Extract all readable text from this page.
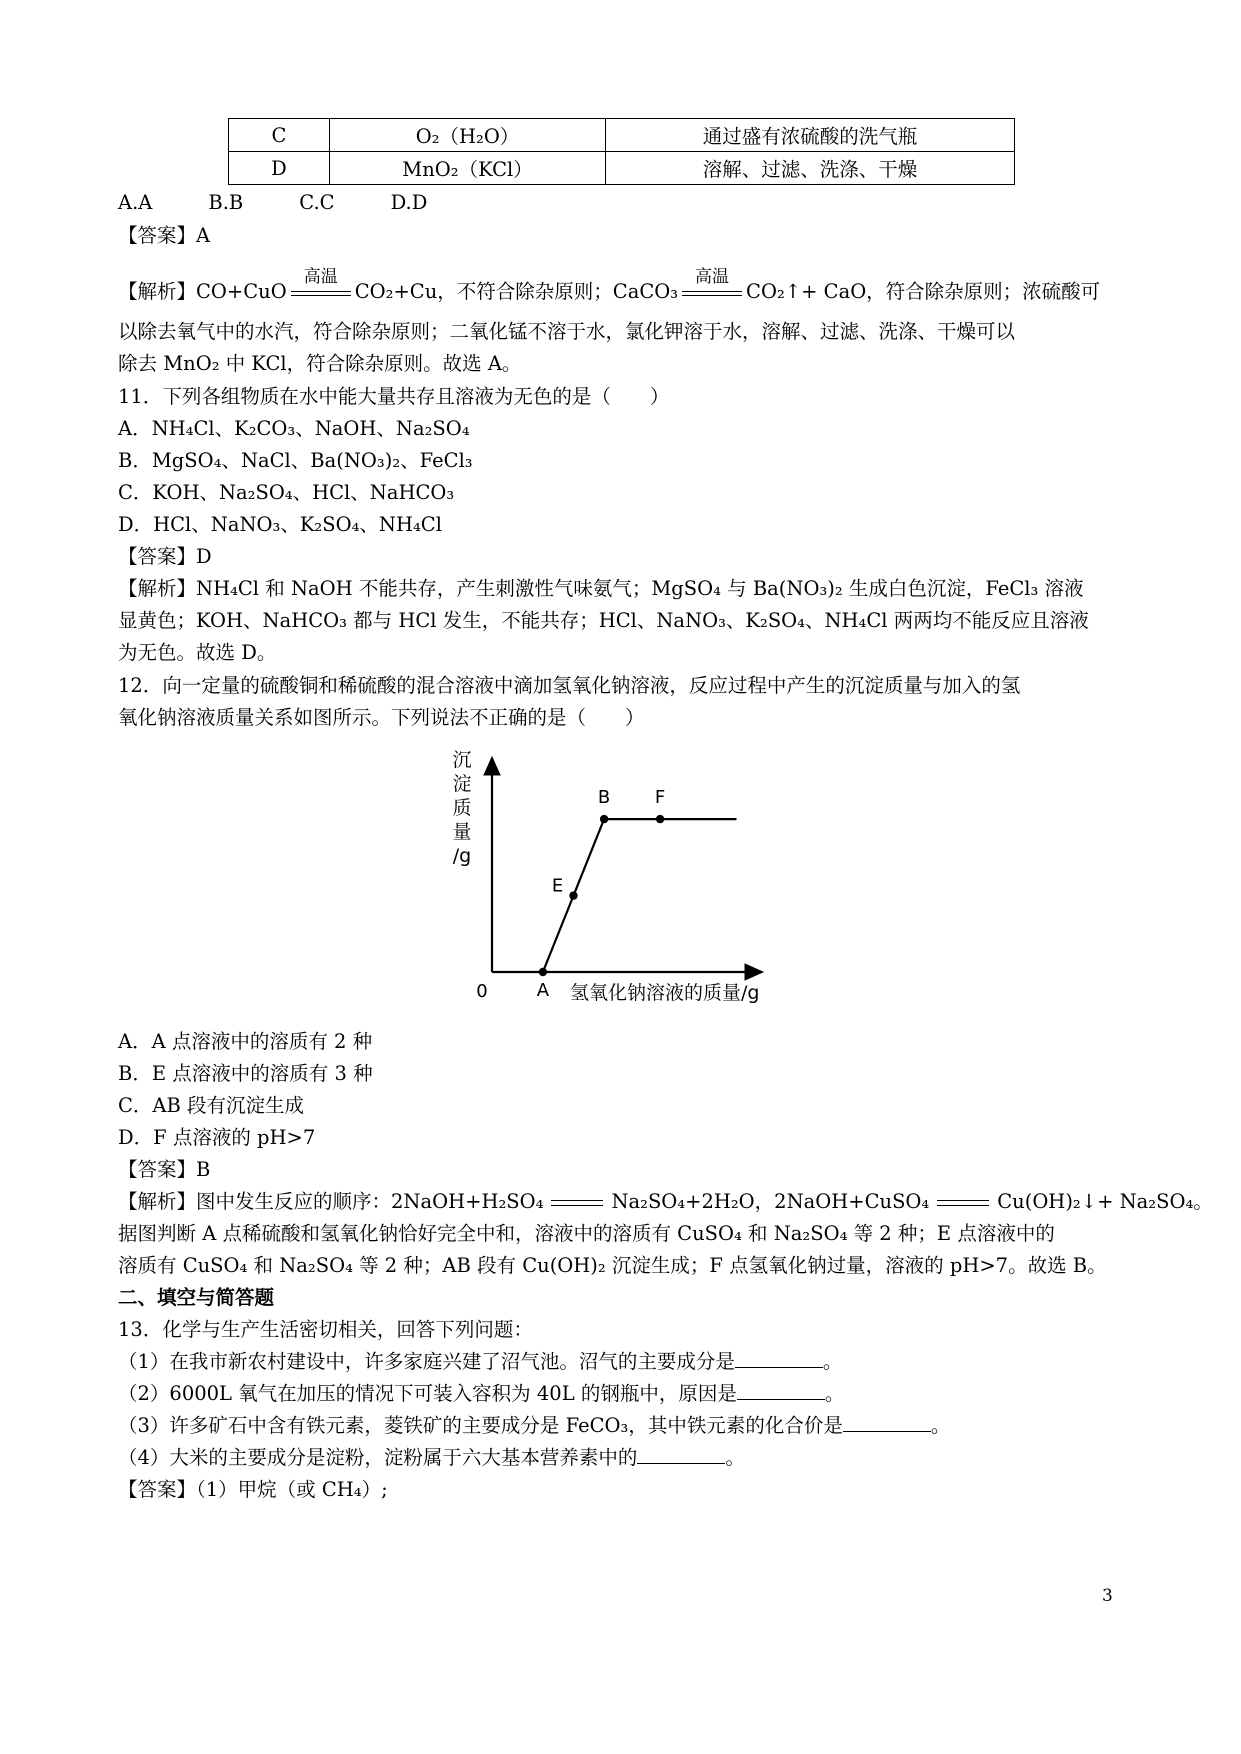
C	O₂（H₂O）	通过盛有浓硫酸的洗气瓶
D	MnO₂（KCl）	溶解、过滤、洗涤、干燥
A.A	B.B	C.C	D.D
【答案】A
【解析】CO+CuO
高温
CO₂+Cu，不符合除杂原则；CaCO₃
高温
CO₂↑+ CaO，符合除杂原则；浓硫酸可
以除去氧气中的水汽，符合除杂原则；二氧化锰不溶于水，氯化钾溶于水，溶解、过滤、洗涤、干燥可以
除去 MnO₂ 中 KCl，符合除杂原则。故选 A。
11．下列各组物质在水中能大量共存且溶液为无色的是（　　）
A．NH₄Cl、K₂CO₃、NaOH、Na₂SO₄
B．MgSO₄、NaCl、Ba(NO₃)₂、FeCl₃
C．KOH、Na₂SO₄、HCl、NaHCO₃
D．HCl、NaNO₃、K₂SO₄、NH₄Cl
【答案】D
【解析】NH₄Cl 和 NaOH 不能共存，产生刺激性气味氨气；MgSO₄ 与 Ba(NO₃)₂ 生成白色沉淀，FeCl₃ 溶液
显黄色；KOH、NaHCO₃ 都与 HCl 发生，不能共存；HCl、NaNO₃、K₂SO₄、NH₄Cl 两两均不能反应且溶液
为无色。故选 D。
12．向一定量的硫酸铜和稀硫酸的混合溶液中滴加氢氧化钠溶液，反应过程中产生的沉淀质量与加入的氢
氧化钠溶液质量关系如图所示。下列说法不正确的是（　　）
沉淀质量/g
0	氢氧化钠溶液的质量/g
A
E
B F
A．A 点溶液中的溶质有 2 种
B．E 点溶液中的溶质有 3 种
C．AB 段有沉淀生成
D．F 点溶液的 pH>7
【答案】B
【解析】图中发生反应的顺序：2NaOH+H₂SO₄	Na₂SO₄+2H₂O，2NaOH+CuSO₄	Cu(OH)₂↓+ Na₂SO₄。
据图判断 A 点稀硫酸和氢氧化钠恰好完全中和，溶液中的溶质有 CuSO₄ 和 Na₂SO₄ 等 2 种；E 点溶液中的
溶质有 CuSO₄ 和 Na₂SO₄ 等 2 种；AB 段有 Cu(OH)₂ 沉淀生成；F 点氢氧化钠过量，溶液的 pH>7。故选 B。
二、填空与简答题
13．化学与生产生活密切相关，回答下列问题：
（1）在我市新农村建设中，许多家庭兴建了沼气池。沼气的主要成分是	。
（2）6000L 氧气在加压的情况下可装入容积为 40L 的钢瓶中，原因是	。
（3）许多矿石中含有铁元素，菱铁矿的主要成分是 FeCO₃，其中铁元素的化合价是	。
（4）大米的主要成分是淀粉，淀粉属于六大基本营养素中的	。
【答案】（1）甲烷（或 CH₄）;
3
